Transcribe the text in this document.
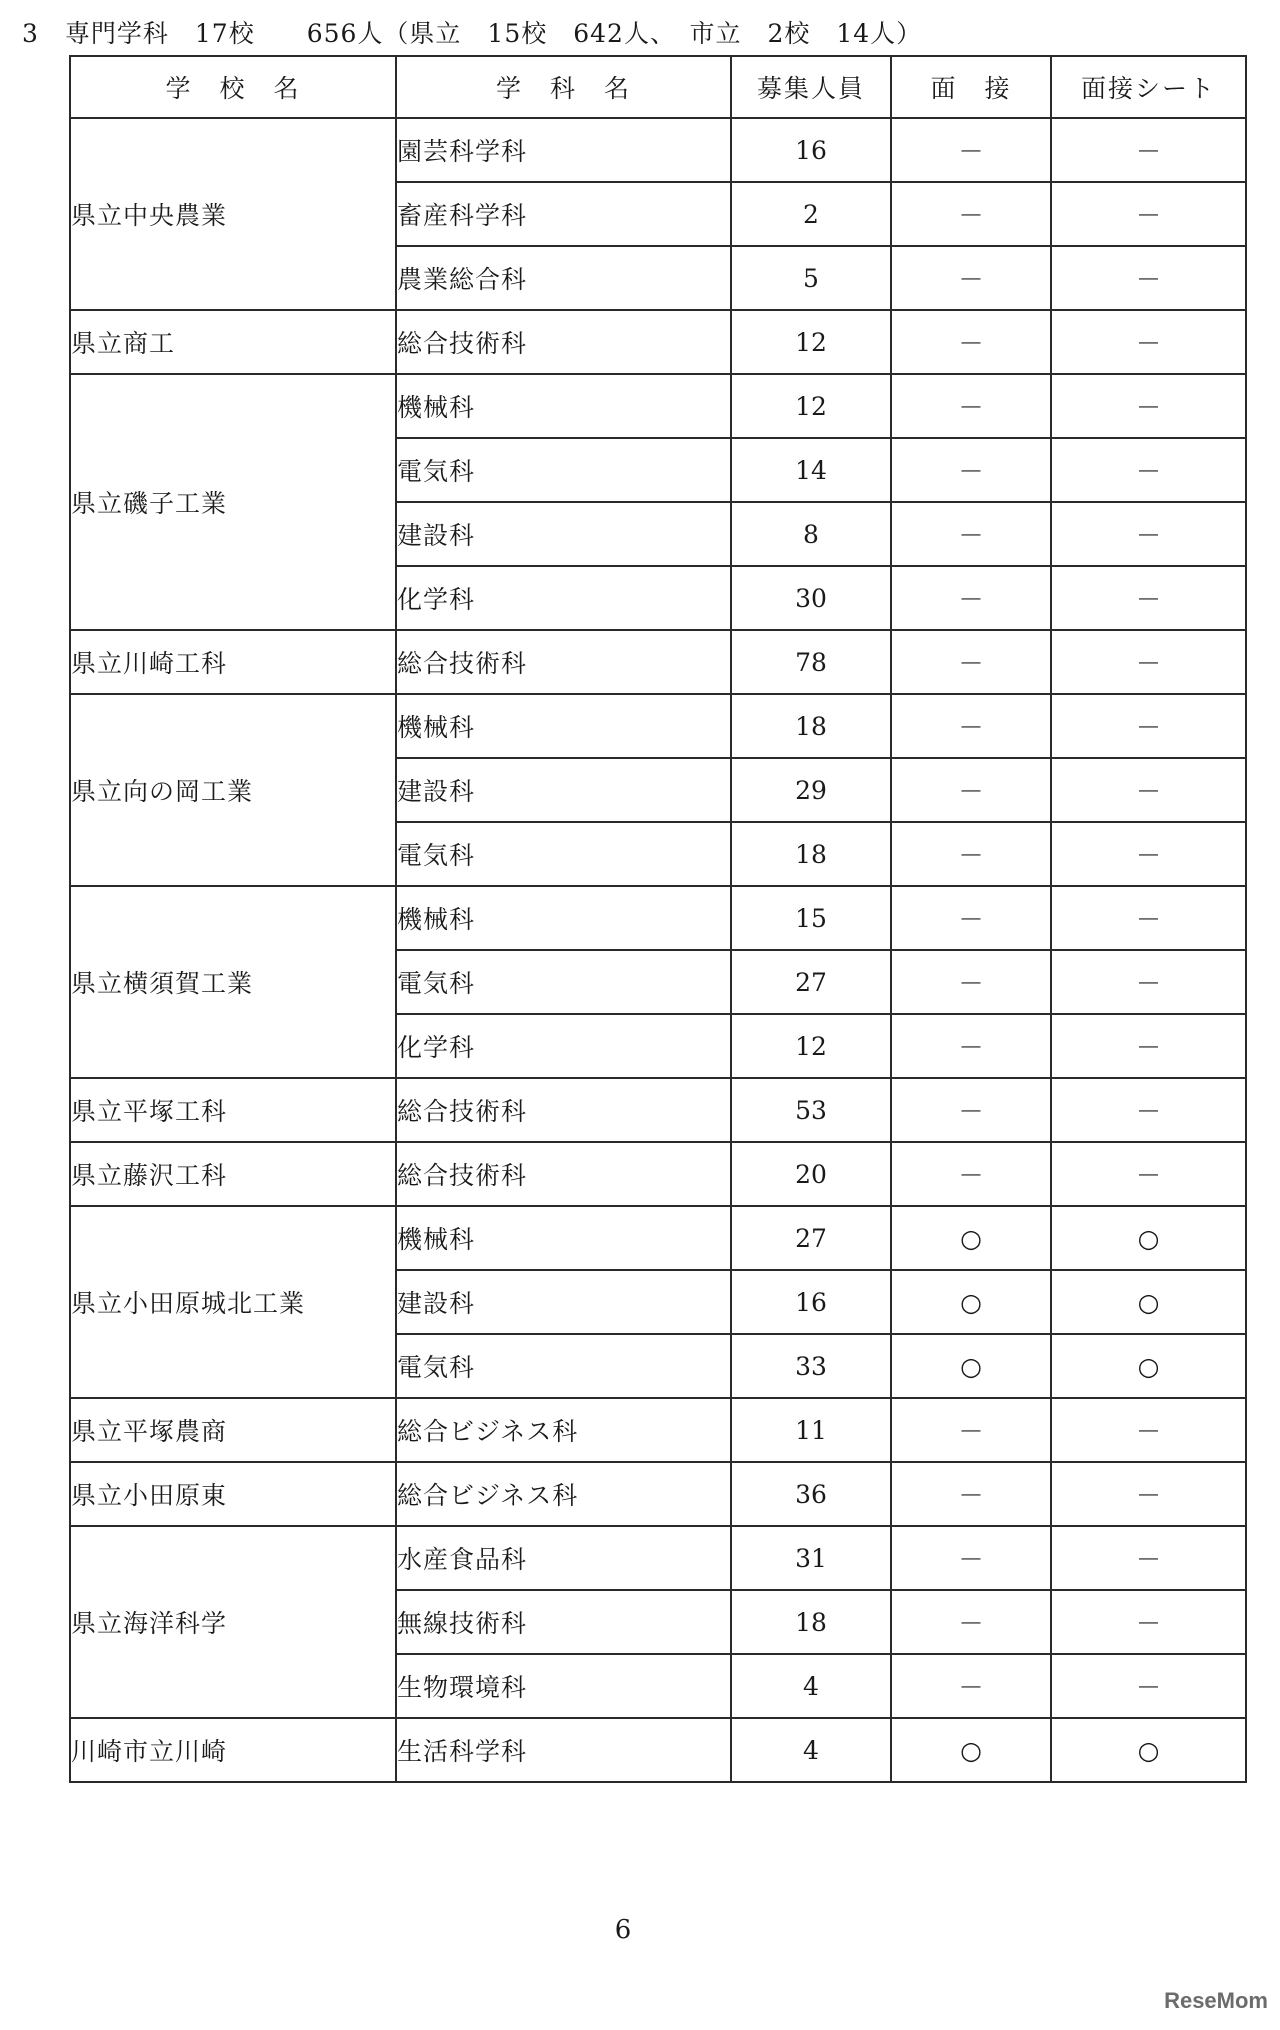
3　専門学科　17校　　656人（県立　15校　642人、　市立　2校　14人）
学　校　名	学　科　名	募集人員	面　接	面接シート
県立中央農業	園芸科学科	16	－	－
	畜産科学科	2	－	－
	農業総合科	5	－	－
県立商工	総合技術科	12	－	－
県立磯子工業	機械科	12	－	－
	電気科	14	－	－
	建設科	8	－	－
	化学科	30	－	－
県立川崎工科	総合技術科	78	－	－
県立向の岡工業	機械科	18	－	－
	建設科	29	－	－
	電気科	18	－	－
県立横須賀工業	機械科	15	－	－
	電気科	27	－	－
	化学科	12	－	－
県立平塚工科	総合技術科	53	－	－
県立藤沢工科	総合技術科	20	－	－
県立小田原城北工業	機械科	27	○	○
	建設科	16	○	○
	電気科	33	○	○
県立平塚農商	総合ビジネス科	11	－	－
県立小田原東	総合ビジネス科	36	－	－
県立海洋科学	水産食品科	31	－	－
	無線技術科	18	－	－
	生物環境科	4	－	－
川崎市立川崎	生活科学科	4	○	○
6
ReseMom
